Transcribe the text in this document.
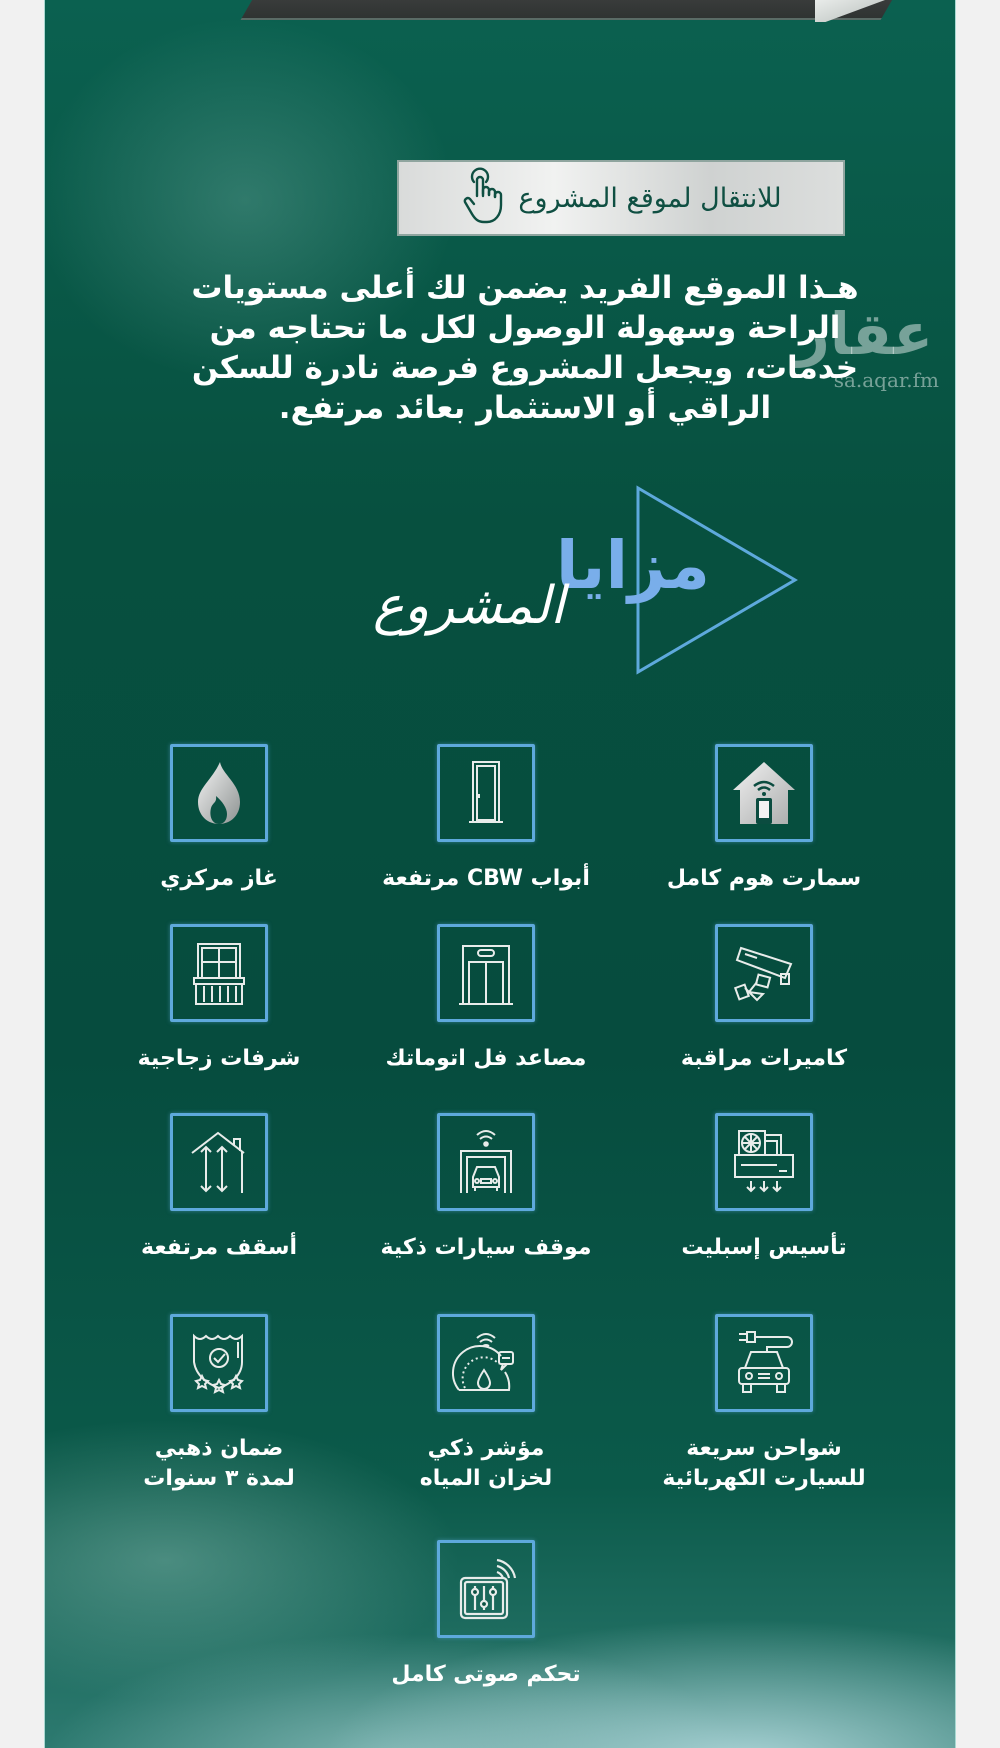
للانتقال لموقع المشروع

هـذا الموقع الفريد يضمن لك أعلى مستويات

الراحة وسهولة الوصول لكل ما تحتاجه من

خدمات، ويجعل المشروع فرصة نادرة للسكن

الراقي أو الاستثمار بعائد مرتفع.

عقار
sa.aqar.fm
مزايا
المشروع
سمارت هوم كامل
أبواب CBW مرتفعة
غاز مركزي
كاميرات مراقبة
مصاعد فل اتوماتك
شرفات زجاجية
تأسيس إسبليت
موقف سيارات ذكية
أسقف مرتفعة
شواحن سريعة
للسيارت الكهربائية
مؤشر ذكي
لخزان المياه
ضمان ذهبي
لمدة ٣ سنوات
تحكم صوتى كامل
